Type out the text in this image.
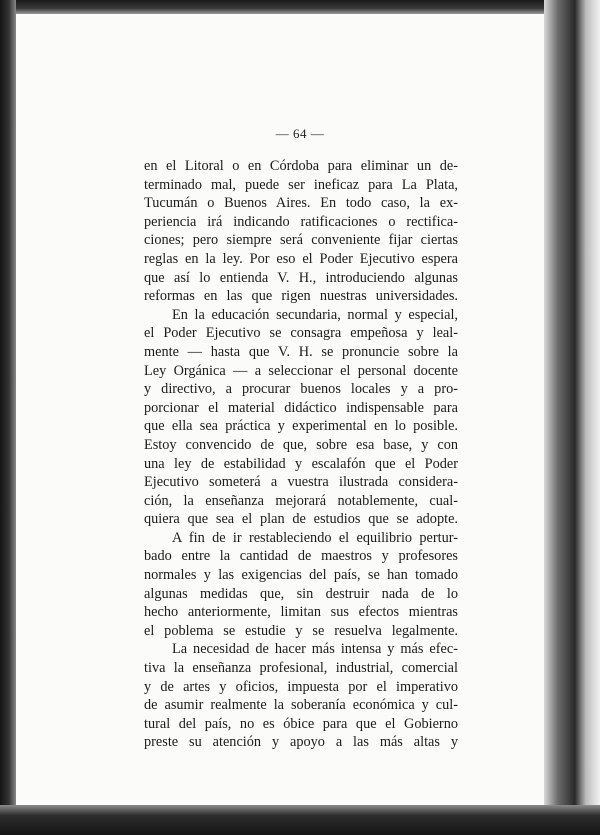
— 64 —
en el Litoral o en Córdoba para eliminar un de-
terminado mal, puede ser ineficaz para La Plata,
Tucumán o Buenos Aires. En todo caso, la ex-
periencia irá indicando ratificaciones o rectifica-
ciones; pero siempre será conveniente fijar ciertas
reglas en la ley. Por eso el Poder Ejecutivo espera
que así lo entienda V. H., introduciendo algunas
reformas en las que rigen nuestras universidades.
En la educación secundaria, normal y especial,
el Poder Ejecutivo se consagra empeñosa y leal-
mente — hasta que V. H. se pronuncie sobre la
Ley Orgánica — a seleccionar el personal docente
y directivo, a procurar buenos locales y a pro-
porcionar el material didáctico indispensable para
que ella sea práctica y experimental en lo posible.
Estoy convencido de que, sobre esa base, y con
una ley de estabilidad y escalafón que el Poder
Ejecutivo someterá a vuestra ilustrada considera-
ción, la enseñanza mejorará notablemente, cual-
quiera que sea el plan de estudios que se adopte.
A fin de ir restableciendo el equilibrio pertur-
bado entre la cantidad de maestros y profesores
normales y las exigencias del país, se han tomado
algunas medidas que, sin destruir nada de lo
hecho anteriormente, limitan sus efectos mientras
el poblema se estudie y se resuelva legalmente.
La necesidad de hacer más intensa y más efec-
tiva la enseñanza profesional, industrial, comercial
y de artes y oficios, impuesta por el imperativo
de asumir realmente la soberanía económica y cul-
tural del país, no es óbice para que el Gobierno
preste su atención y apoyo a las más altas y
